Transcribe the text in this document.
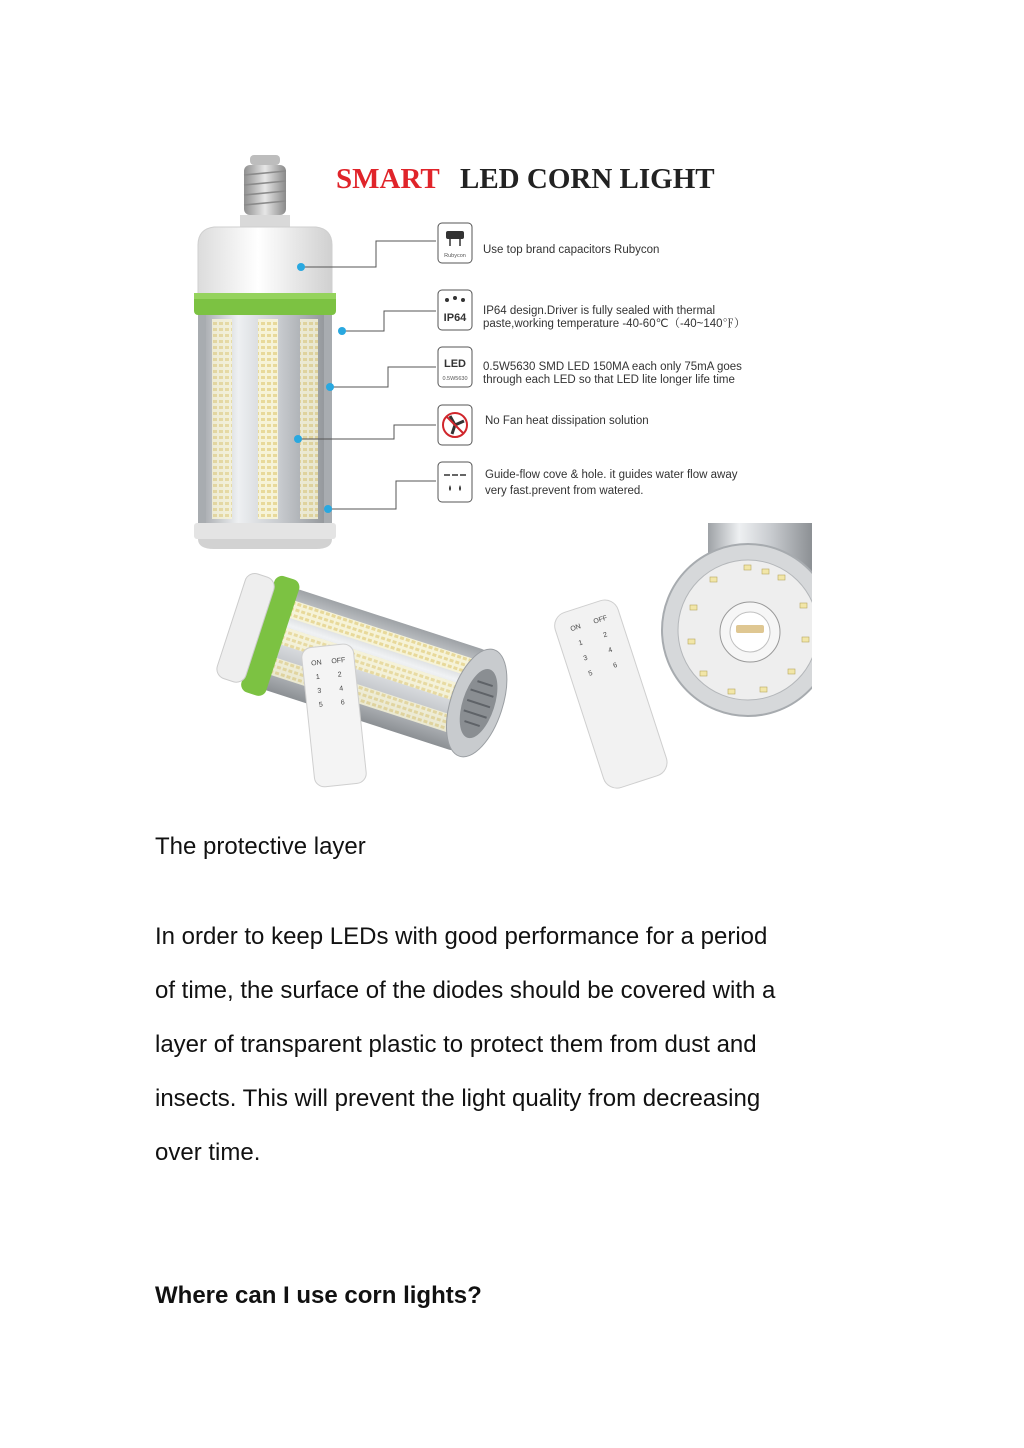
SMART LED CORN LIGHT
Rubycon
IP64
LED
0.5W5630
Use top brand capacitors Rubycon
IP64 design.Driver is fully sealed with thermal
paste,working temperature -40-60℃（-40~140℉）
0.5W5630 SMD LED 150MA each only 75mA goes
through each LED so that LED lite longer life time
No Fan heat dissipation solution
Guide-flow cove & hole. it guides water flow away
very fast.prevent from watered.
ON OFF
1 2
3 4
5 6
ON
OFF
1
2
3
4
5
6
The protective layer
In order to keep LEDs with good performance for a period
of time, the surface of the diodes should be covered with a
layer of transparent plastic to protect them from dust and
insects. This will prevent the light quality from decreasing
over time.
Where can I use corn lights?
